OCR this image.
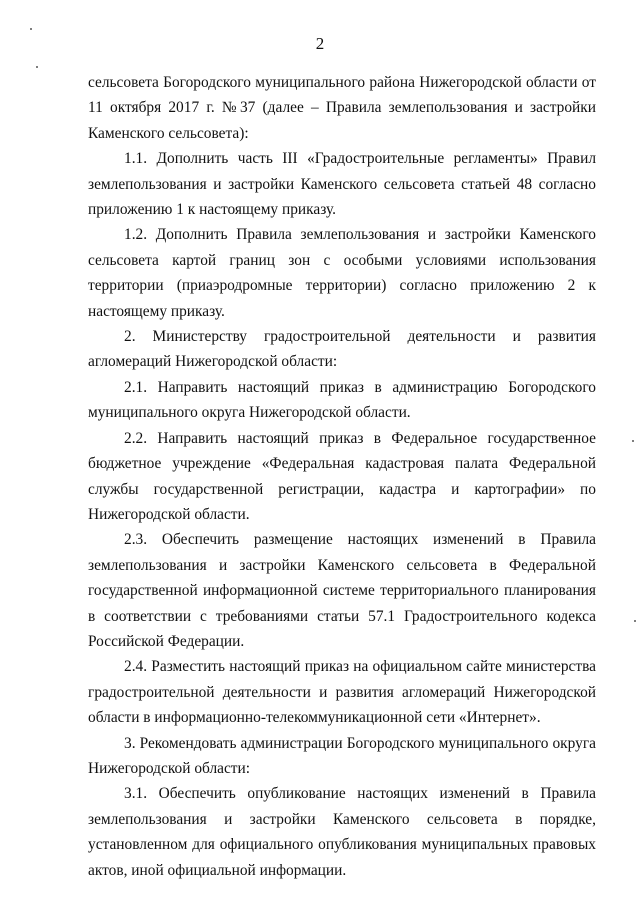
2

сельсовета Богородского муниципального района Нижегородской области от 11 октября 2017 г. №37 (далее – Правила землепользования и застройки Каменского сельсовета):

1.1. Дополнить часть III «Градостроительные регламенты» Правил землепользования и застройки Каменского сельсовета статьей 48 согласно приложению 1 к настоящему приказу.

1.2. Дополнить Правила землепользования и застройки Каменского сельсовета картой границ зон с особыми условиями использования территории (приаэродромные территории) согласно приложению 2 к настоящему приказу.

2. Министерству градостроительной деятельности и развития агломераций Нижегородской области:

2.1. Направить настоящий приказ в администрацию Богородского муниципального округа Нижегородской области.

2.2. Направить настоящий приказ в Федеральное государственное бюджетное учреждение «Федеральная кадастровая палата Федеральной службы государственной регистрации, кадастра и картографии» по Нижегородской области.

2.3. Обеспечить размещение настоящих изменений в Правила землепользования и застройки Каменского сельсовета в Федеральной государственной информационной системе территориального планирования в соответствии с требованиями статьи 57.1 Градостроительного кодекса Российской Федерации.

2.4. Разместить настоящий приказ на официальном сайте министерства градостроительной деятельности и развития агломераций Нижегородской области в информационно-телекоммуникационной сети «Интернет».

3. Рекомендовать администрации Богородского муниципального округа Нижегородской области:

3.1. Обеспечить опубликование настоящих изменений в Правила землепользования и застройки Каменского сельсовета в порядке, установленном для официального опубликования муниципальных правовых актов, иной официальной информации.
